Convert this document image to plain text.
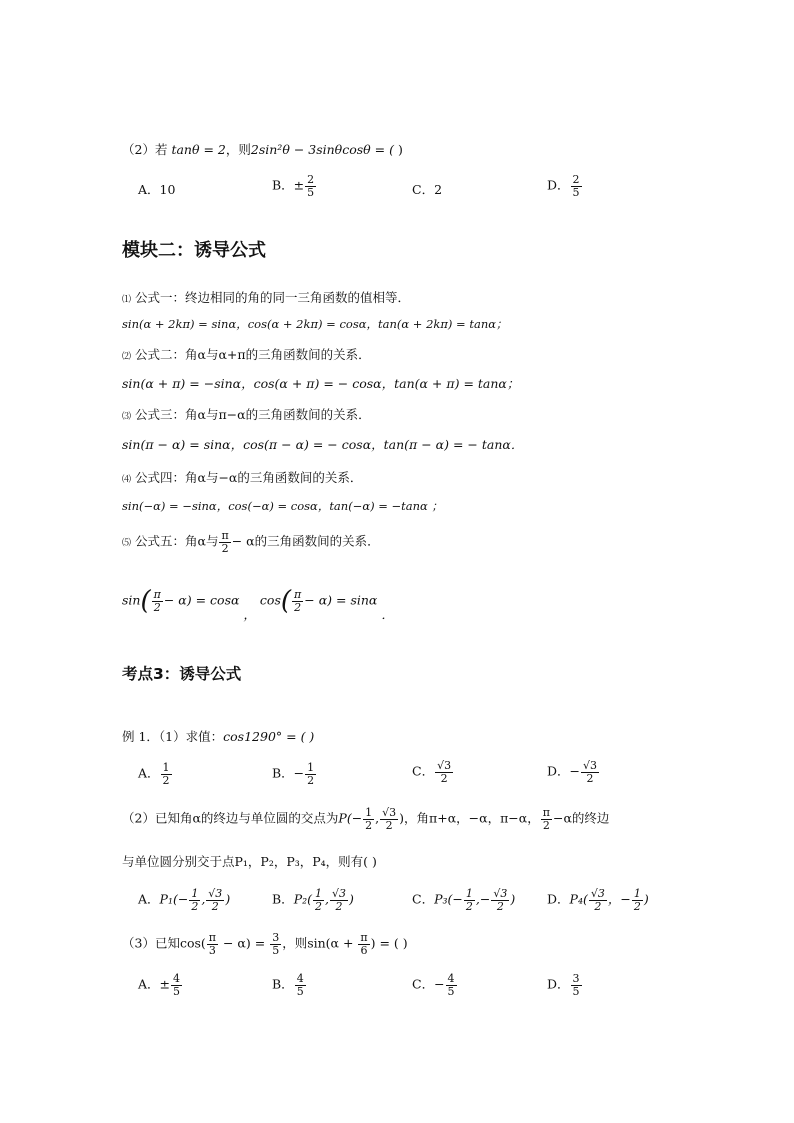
（2）若 tanθ = 2，则2sin²θ − 3sinθcosθ = ( )
A．10	B．± $\frac{2}{5}$	C．2	D． $\frac{2}{5}$
模块二：诱导公式
⑴ 公式一：终边相同的角的同一三角函数的值相等．
sin(α + 2kπ) = sinα，cos(α + 2kπ) = cosα，tan(α + 2kπ) = tanα；
⑵ 公式二：角α与α+π的三角函数间的关系．
sin(α + π) = −sinα，cos(α + π) = − cosα，tan(α + π) = tanα；
⑶ 公式三：角α与π−α的三角函数间的关系．
sin(π − α) = sinα，cos(π − α) = − cosα，tan(π − α) = − tanα．
⑷ 公式四：角α与−α的三角函数间的关系．
sin(−α) = −sinα，cos(−α) = cosα，tan(−α) = −tanα ；
⑸ 公式五：角α与 $\frac{\pi}{2} - \alpha$的三角函数间的关系．
$\sin( \frac{\pi}{2} - \alpha) = \cos\alpha$ ， $\cos( \frac{\pi}{2} - \alpha) = \sin\alpha$ ．
考点3：诱导公式
例 1．（1）求值：cos1290° = ( )
A． $\frac{1}{2}$	B．− $\frac{1}{2}$	C． $\frac{√3}{2}$	D．− $\frac{√3}{2}$
（2）已知角α的终边与单位圆的交点为$P(- \frac{1}{2}$ , $\frac{√3}{2}$ )，角π+α，−α，π−α， $\frac{\pi}{2} -\alpha$的终边
与单位圆分别交于点P₁，P₂，P₃，P₄，则有( )
A．$P_1(- \frac{1}{2}$ , $\frac{√3}{2}$ )	B．$P_2( \frac{1}{2}$ , $\frac{√3}{2}$ )	C．$P_3(- \frac{1}{2}$ ,− $\frac{√3}{2}$ )	D．$P_4( \frac{√3}{2}$ ，− $\frac{1}{2}$ )
（3）已知$\cos( \frac{\pi}{3} - \alpha) = \frac{3}{5}$ ，则$\sin(\alpha + \frac{\pi}{6}$ ) = ( )
A．± $\frac{4}{5}$	B． $\frac{4}{5}$	C．− $\frac{4}{5}$	D． $\frac{3}{5}$
